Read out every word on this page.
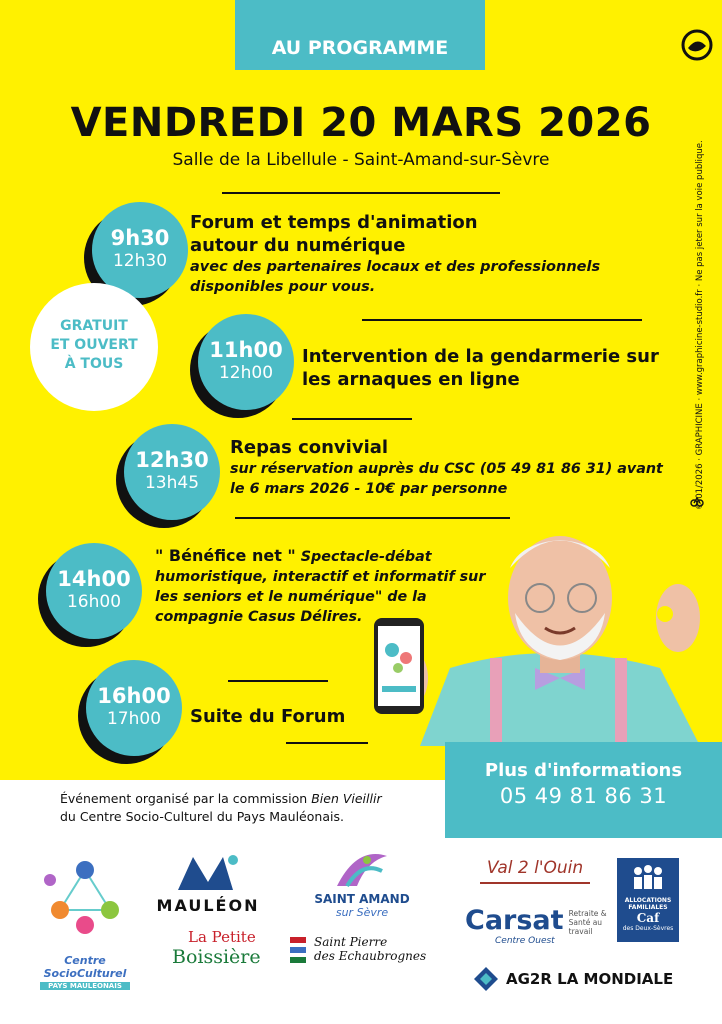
AU PROGRAMME
VENDREDI 20 MARS 2026
Salle de la Libellule - Saint-Amand-sur-Sèvre	© 01/2026 · GRAPHICINE · www.graphicine-studio.fr · Ne pas jeter sur la voie publique.
9h30
12h30
Forum et temps d'animation autour du numérique
avec des partenaires locaux et des professionnels disponibles pour vous.
GRATUIT
ET OUVERT
À TOUS
11h00
12h00
Intervention de la gendarmerie sur les arnaques en ligne
12h30
13h45
Repas convivial
sur réservation auprès du CSC (05 49 81 86 31) avant le 6 mars 2026 - 10€ par personne
14h00
16h00
" Bénéfice net " Spectacle-débat humoristique, interactif et informatif sur les seniors et le numérique" de la compagnie Casus Délires.
16h00
17h00	Suite du Forum
Plus d'informations
05 49 81 86 31
Événement organisé par la commission Bien Vieillir
du Centre Socio-Culturel du Pays Mauléonais.
Centre SocioCulturel
PAYS MAULEONAIS
MAULÉON	SAINT AMAND
sur Sèvre
La Petite
Boissière
Saint Pierre
des Echaubrognes
Val 2 l'Ouin
Carsat Retraite & Santé au travail
Centre Ouest
ALLOCATIONS FAMILIALES
Caf
des Deux-Sèvres
AG2R LA MONDIALE
